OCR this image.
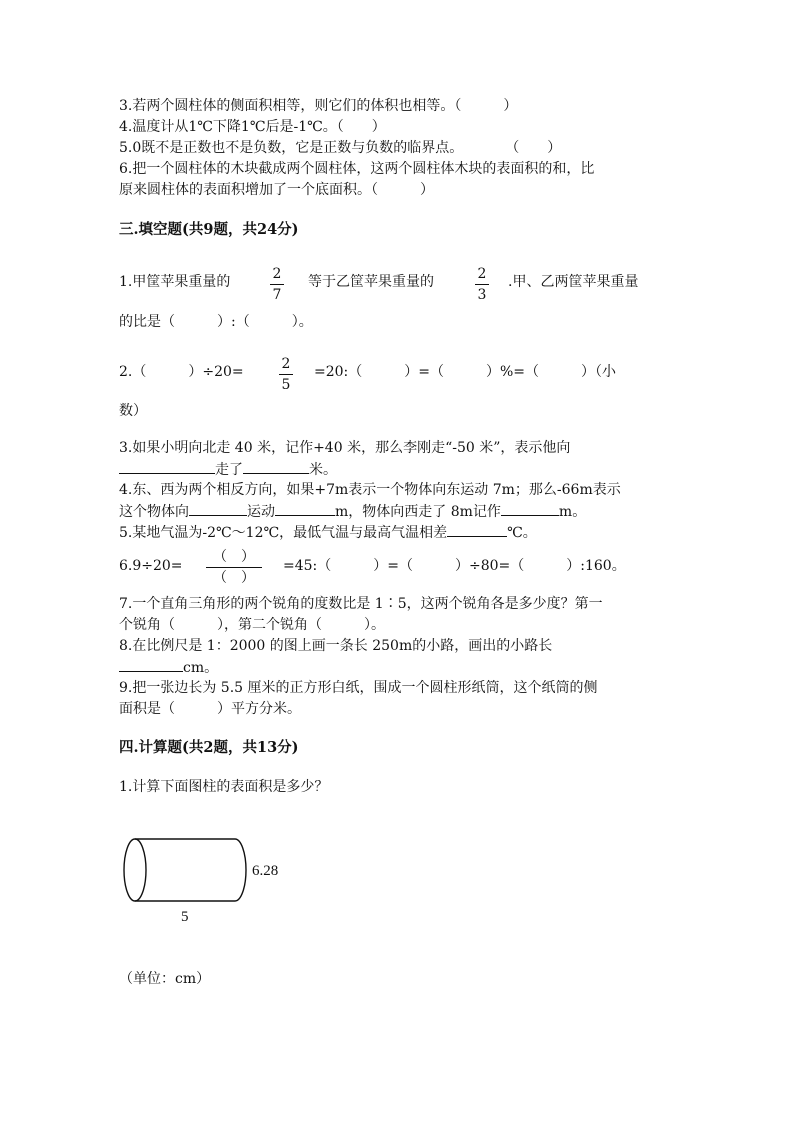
3.若两个圆柱体的侧面积相等，则它们的体积也相等。（　　　）
4.温度计从1℃下降1℃后是-1℃。（　　）
5.0既不是正数也不是负数，它是正数与负数的临界点。　　　　（　　）
6.把一个圆柱体的木块截成两个圆柱体，这两个圆柱体木块的表面积的和，比
原来圆柱体的表面积增加了一个底面积。（　　　）
三.填空题(共9题，共24分)
1.甲筐苹果重量的	2
7
等于乙筐苹果重量的	2
3
.甲、乙两筐苹果重量
的比是（　　　）:（　　　）。
2.（　　　）÷20=	2
5
=20:（　　　）=（　　　）%=（　　　）（小
数）
3.如果小明向北走 40 米，记作+40 米，那么李刚走“-50 米”，表示他向
走了	米。
4.东、西为两个相反方向，如果+7m表示一个物体向东运动 7m；那么-66m表示
这个物体向	运动	m，物体向西走了 8m记作	m。
5.某地气温为-2℃～12℃，最低气温与最高气温相差	℃。
6.9÷20=
（　）
（　）
=45:（　　　）=（　　　）÷80=（　　　）:160。
7.一个直角三角形的两个锐角的度数比是 1∶5，这两个锐角各是多少度？第一
个锐角（　　　），第二个锐角（　　　）。
8.在比例尺是 1：2000 的图上画一条长 250m的小路，画出的小路长
cm。
9.把一张边长为 5.5 厘米的正方形白纸，围成一个圆柱形纸筒，这个纸筒的侧
面积是（　　　）平方分米。
四.计算题(共2题，共13分)
1.计算下面图柱的表面积是多少？
6.28
5
（单位：cm）
